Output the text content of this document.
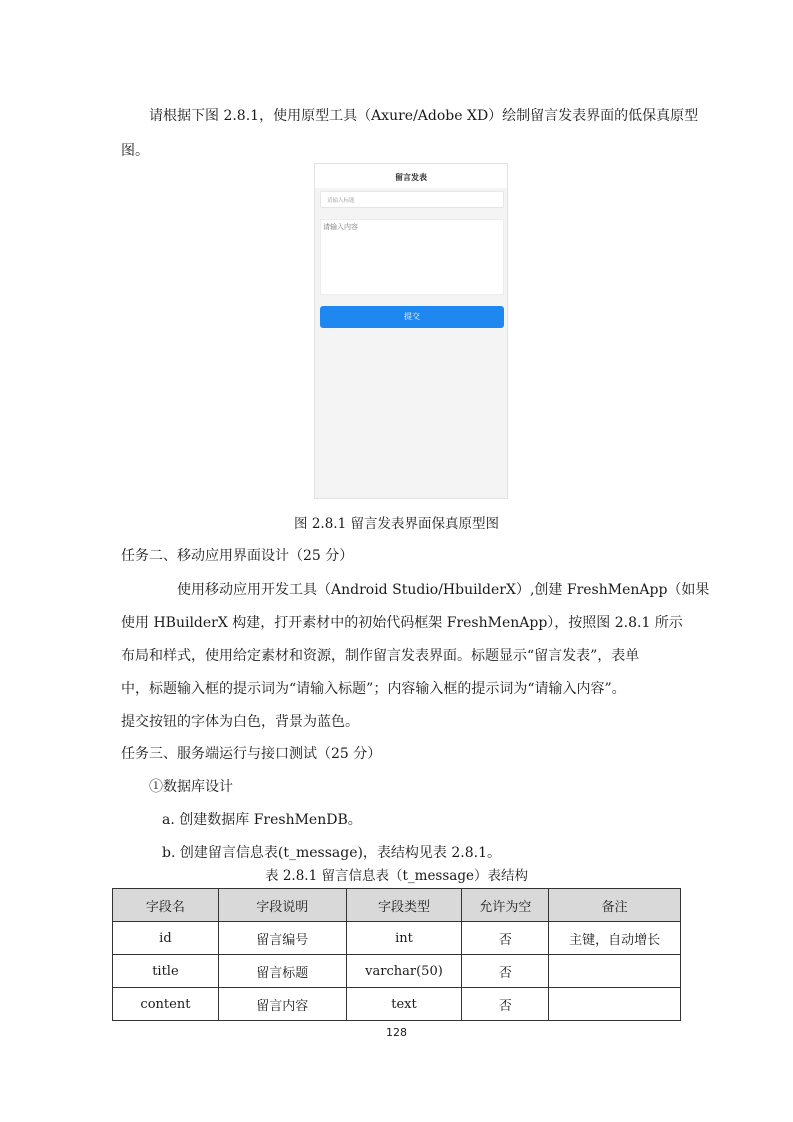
请根据下图 2.8.1，使用原型工具（Axure/Adobe XD）绘制留言发表界面的低保真原型
图。
留言发表
请输入标题
请输入内容
提交
图 2.8.1 留言发表界面保真原型图
任务二、移动应用界面设计（25 分）
使用移动应用开发工具（Android Studio/HbuilderX）,创建 FreshMenApp（如果
使用 HBuilderX 构建，打开素材中的初始代码框架 FreshMenApp），按照图 2.8.1 所示
布局和样式，使用给定素材和资源，制作留言发表界面。标题显示“留言发表”，表单
中，标题输入框的提示词为“请输入标题”；内容输入框的提示词为“请输入内容”。
提交按钮的字体为白色，背景为蓝色。
任务三、服务端运行与接口测试（25 分）
①数据库设计
a. 创建数据库 FreshMenDB。
b. 创建留言信息表(t_message)，表结构见表 2.8.1。
表 2.8.1 留言信息表（t_message）表结构
字段名	字段说明	字段类型	允许为空	备注
id	留言编号	int	否	主键，自动增长
title	留言标题	varchar(50)	否	
content	留言内容	text	否	
128
